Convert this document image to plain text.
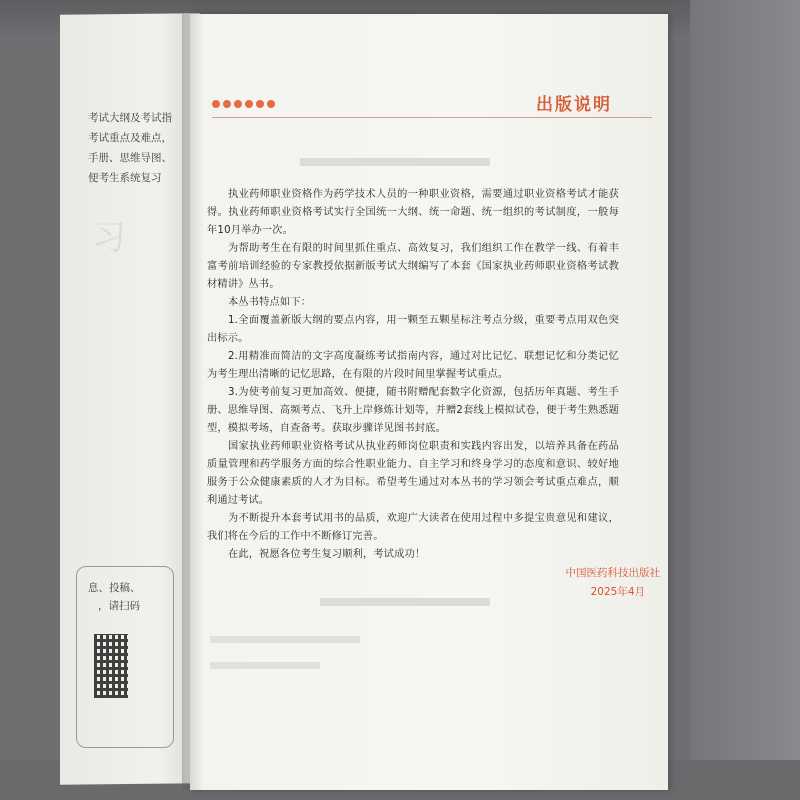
考试大纲及考试指
考试重点及难点，
手册、思维导图、
便考生系统复习
习
息、投稿、
，请扫码
出版说明

执业药师职业资格作为药学技术人员的一种职业资格，需要通过职业资格考试才能获得。执业药师职业资格考试实行全国统一大纲、统一命题、统一组织的考试制度，一般每年10月举办一次。

为帮助考生在有限的时间里抓住重点、高效复习，我们组织工作在教学一线、有着丰富考前培训经验的专家教授依据新版考试大纲编写了本套《国家执业药师职业资格考试教材精讲》丛书。

本丛书特点如下：

1.全面覆盖新版大纲的要点内容，用一颗至五颗星标注考点分级，重要考点用双色突出标示。

2.用精准而简洁的文字高度凝练考试指南内容，通过对比记忆、联想记忆和分类记忆为考生理出清晰的记忆思路，在有限的片段时间里掌握考试重点。

3.为使考前复习更加高效、便捷，随书附赠配套数字化资源，包括历年真题、考生手册、思维导图、高频考点、飞升上岸修炼计划等，并赠2套线上模拟试卷，便于考生熟悉题型，模拟考场，自查备考。获取步骤详见图书封底。

国家执业药师职业资格考试从执业药师岗位职责和实践内容出发，以培养具备在药品质量管理和药学服务方面的综合性职业能力、自主学习和终身学习的态度和意识、较好地服务于公众健康素质的人才为目标。希望考生通过对本丛书的学习领会考试重点难点，顺利通过考试。

为不断提升本套考试用书的品质，欢迎广大读者在使用过程中多提宝贵意见和建议，我们将在今后的工作中不断修订完善。

在此，祝愿各位考生复习顺利，考试成功！

中国医药科技出版社
2025年4月
